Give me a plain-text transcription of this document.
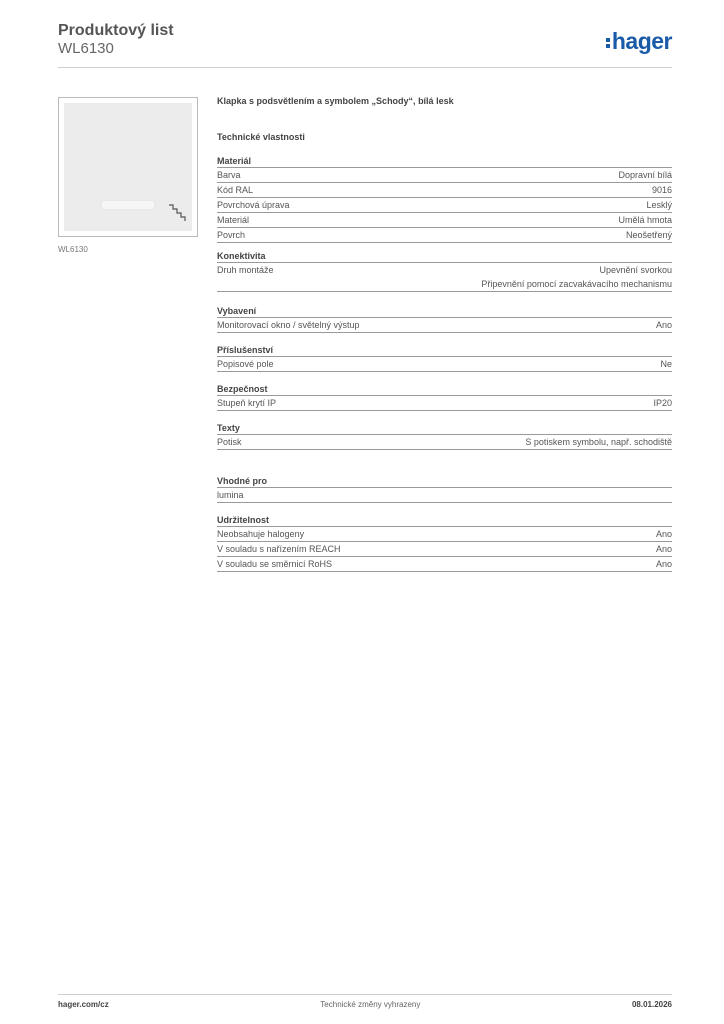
Produktový list
WL6130	hager
WL6130
Klapka s podsvětlením a symbolem „Schody“, bílá lesk
Technické vlastnosti
Materiál
Barva	Dopravní bílá
Kód RAL	9016
Povrchová úprava	Lesklý
Materiál	Umělá hmota
Povrch	Neošetřený
Konektivita
Druh montáže	Upevnění svorkou
Připevnění pomocí zacvakávacího mechanismu
Vybavení
Monitorovací okno / světelný výstup	Ano
Příslušenství
Popisové pole	Ne
Bezpečnost
Stupeň krytí IP	IP20
Texty
Potisk	S potiskem symbolu, např. schodiště
Vhodné pro
lumina
Udržitelnost
Neobsahuje halogeny	Ano
V souladu s nařízením REACH	Ano
V souladu se směrnicí RoHS	Ano
hager.com/cz	Technické změny vyhrazeny	08.01.2026
